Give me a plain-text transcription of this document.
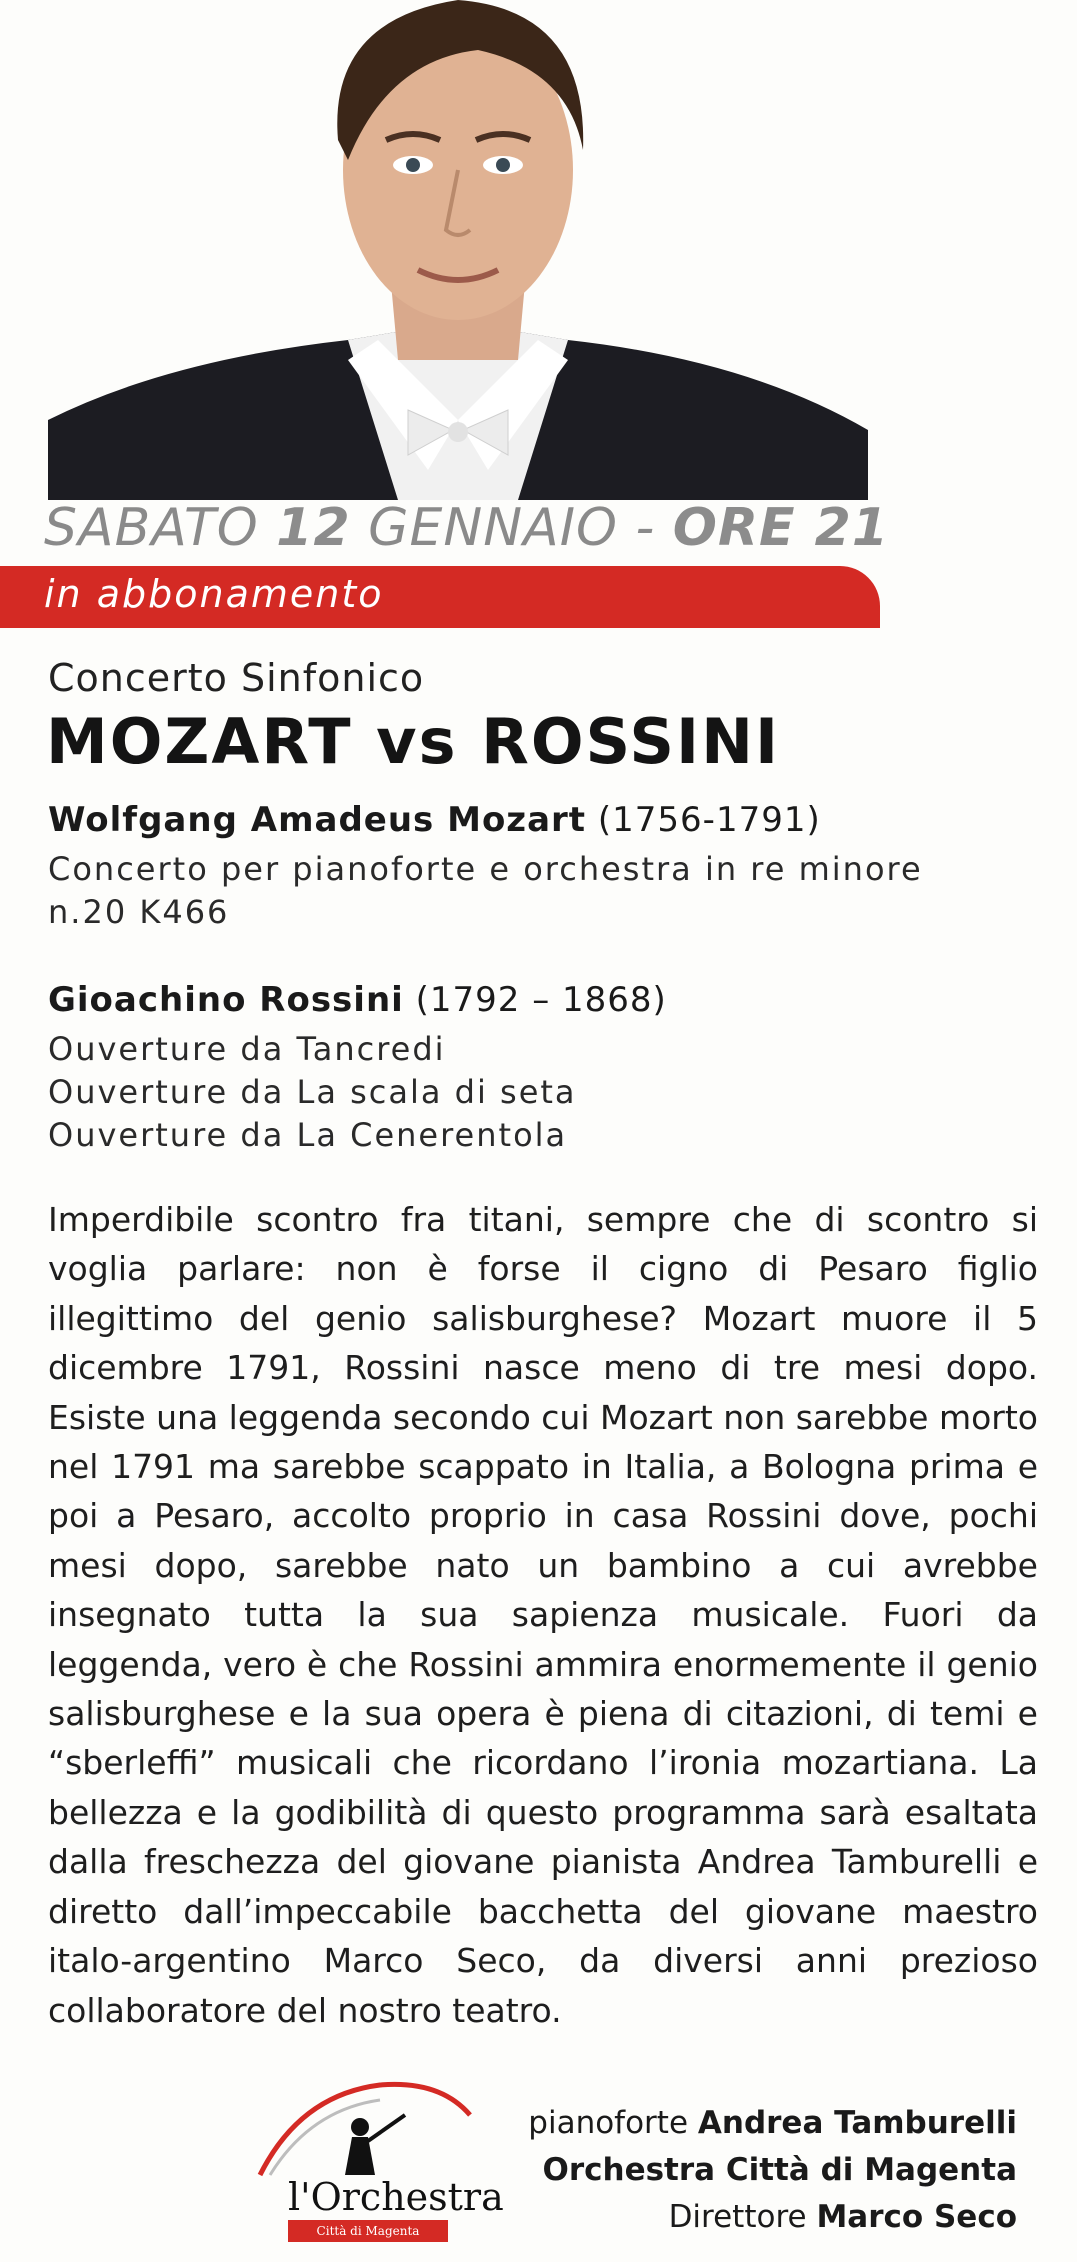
SABATO 12 GENNAIO - ORE 21
in abbonamento
Concerto Sinfonico
MOZART vs ROSSINI
Wolfgang Amadeus Mozart (1756-1791)
Concerto per pianoforte e orchestra in re minore
n.20 K466
Gioachino Rossini (1792 – 1868)
Ouverture da Tancredi
Ouverture da La scala di seta
Ouverture da La Cenerentola
Imperdibile scontro fra titani, sempre che di scontro si voglia parlare: non è forse il cigno di Pesaro figlio illegittimo del genio salisburghese? Mozart muore il 5 dicembre 1791, Rossini nasce meno di tre mesi dopo. Esiste una leggenda secondo cui Mozart non sarebbe morto nel 1791 ma sarebbe scappato in Italia, a Bologna prima e poi a Pesaro, accolto proprio in casa Rossini dove, pochi mesi dopo, sarebbe nato un bambino a cui avrebbe insegnato tutta la sua sapienza musicale. Fuori da leggenda, vero è che Rossini ammira enormemente il genio salisburghese e la sua opera è piena di citazioni, di temi e “sberleffi” musicali che ricordano l’ironia mozartiana. La bellezza e la godibilità di questo programma sarà esaltata dalla freschezza del giovane pianista Andrea Tamburelli e diretto dall’impeccabile bacchetta del giovane maestro italo-argentino Marco Seco, da diversi anni prezioso collaboratore del nostro teatro.
l'Orchestra
Città di Magenta
pianoforte Andrea Tamburelli
Orchestra Città di Magenta
Direttore Marco Seco
